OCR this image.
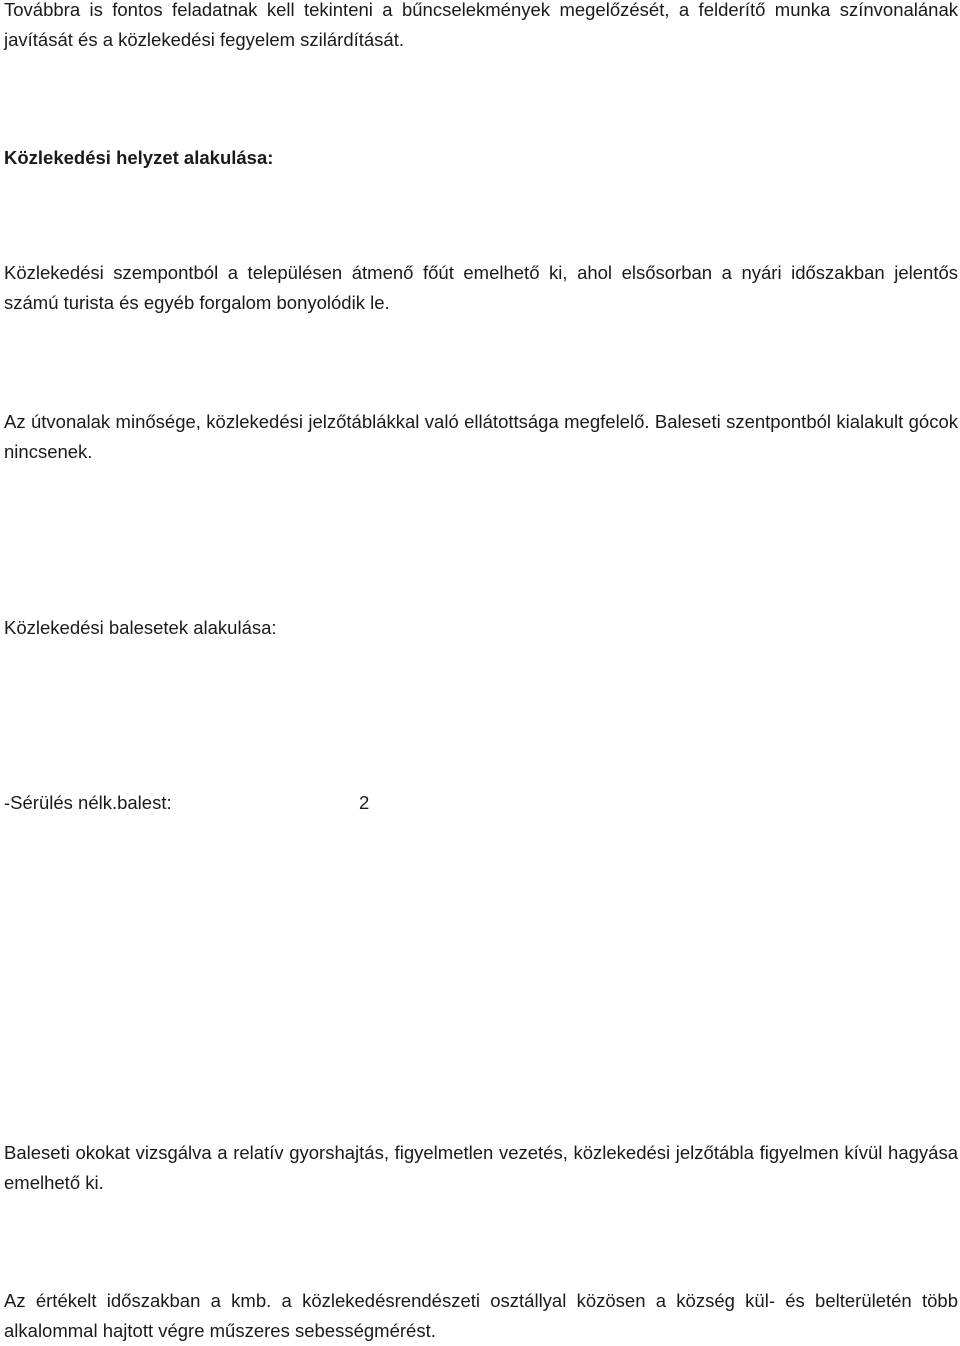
Továbbra is fontos feladatnak kell tekinteni a bűncselekmények megelőzését, a felderítő munka színvonalának javítását és a közlekedési fegyelem szilárdítását.

Közlekedési helyzet alakulása:

Közlekedési szempontból a településen átmenő főút emelhető ki, ahol elsősorban a nyári időszakban jelentős számú turista és egyéb forgalom bonyolódik le.

Az útvonalak minősége, közlekedési jelzőtáblákkal való ellátottsága megfelelő. Baleseti szentpontból kialakult gócok nincsenek.

Közlekedési balesetek alakulása:

-Sérülés nélk.balest:	2

Baleseti okokat vizsgálva a relatív gyorshajtás, figyelmetlen vezetés, közlekedési jelzőtábla figyelmen kívül hagyása emelhető ki.

Az értékelt időszakban a kmb. a közlekedésrendészeti osztállyal közösen a község kül- és belterületén több alkalommal hajtott végre műszeres sebességmérést.
